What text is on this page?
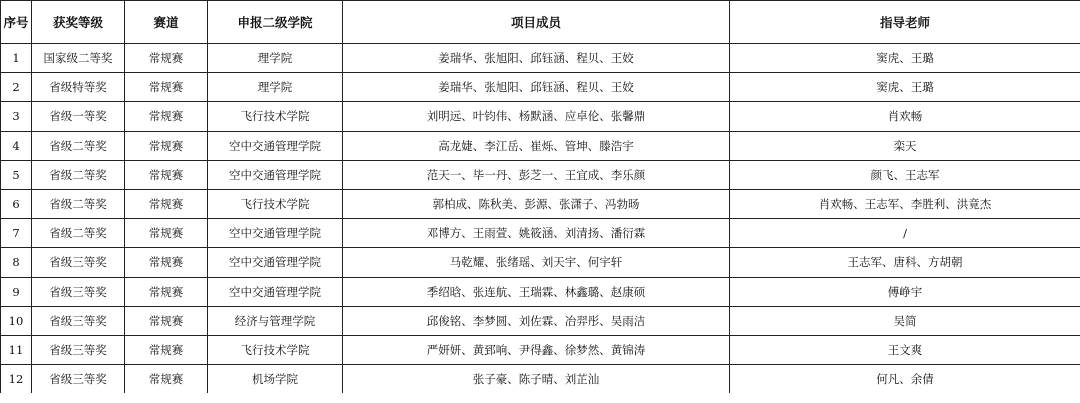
序号	获奖等级	赛道	申报二级学院	项目成员	指导老师
1	国家级二等奖	常规赛	理学院	姜瑞华、张旭阳、邱钰涵、程贝、王姣	窦虎、王璐
2	省级特等奖	常规赛	理学院	姜瑞华、张旭阳、邱钰涵、程贝、王姣	窦虎、王璐
3	省级一等奖	常规赛	飞行技术学院	刘明远、叶钧伟、杨默涵、应卓伦、张馨鼎	肖欢畅
4	省级二等奖	常规赛	空中交通管理学院	高龙婕、李江岳、崔烁、管坤、滕浩宇	栾天
5	省级二等奖	常规赛	空中交通管理学院	范天一、毕一丹、彭芝一、王宜成、李乐颜	颜飞、王志军
6	省级二等奖	常规赛	飞行技术学院	郭柏成、陈秋美、彭源、张潇子、冯勃旸	肖欢畅、王志军、李胜利、洪竟杰
7	省级二等奖	常规赛	空中交通管理学院	邓博方、王雨萱、姚筱涵、刘清扬、潘衍霖	/
8	省级三等奖	常规赛	空中交通管理学院	马乾耀、张绪瑶、刘天宇、何宇轩	王志军、唐科、方胡朝
9	省级三等奖	常规赛	空中交通管理学院	季绍晗、张连航、王瑞霖、林鑫璐、赵康硕	傅峥宇
10	省级三等奖	常规赛	经济与管理学院	邱俊铭、李梦圆、刘佐霖、冶羿彤、吴雨洁	吴简
11	省级三等奖	常规赛	飞行技术学院	严妍妍、黄郅响、尹得鑫、徐梦然、黄锦涛	王文爽
12	省级三等奖	常规赛	机场学院	张子豪、陈子晴、刘芷汕	何凡、余倩
